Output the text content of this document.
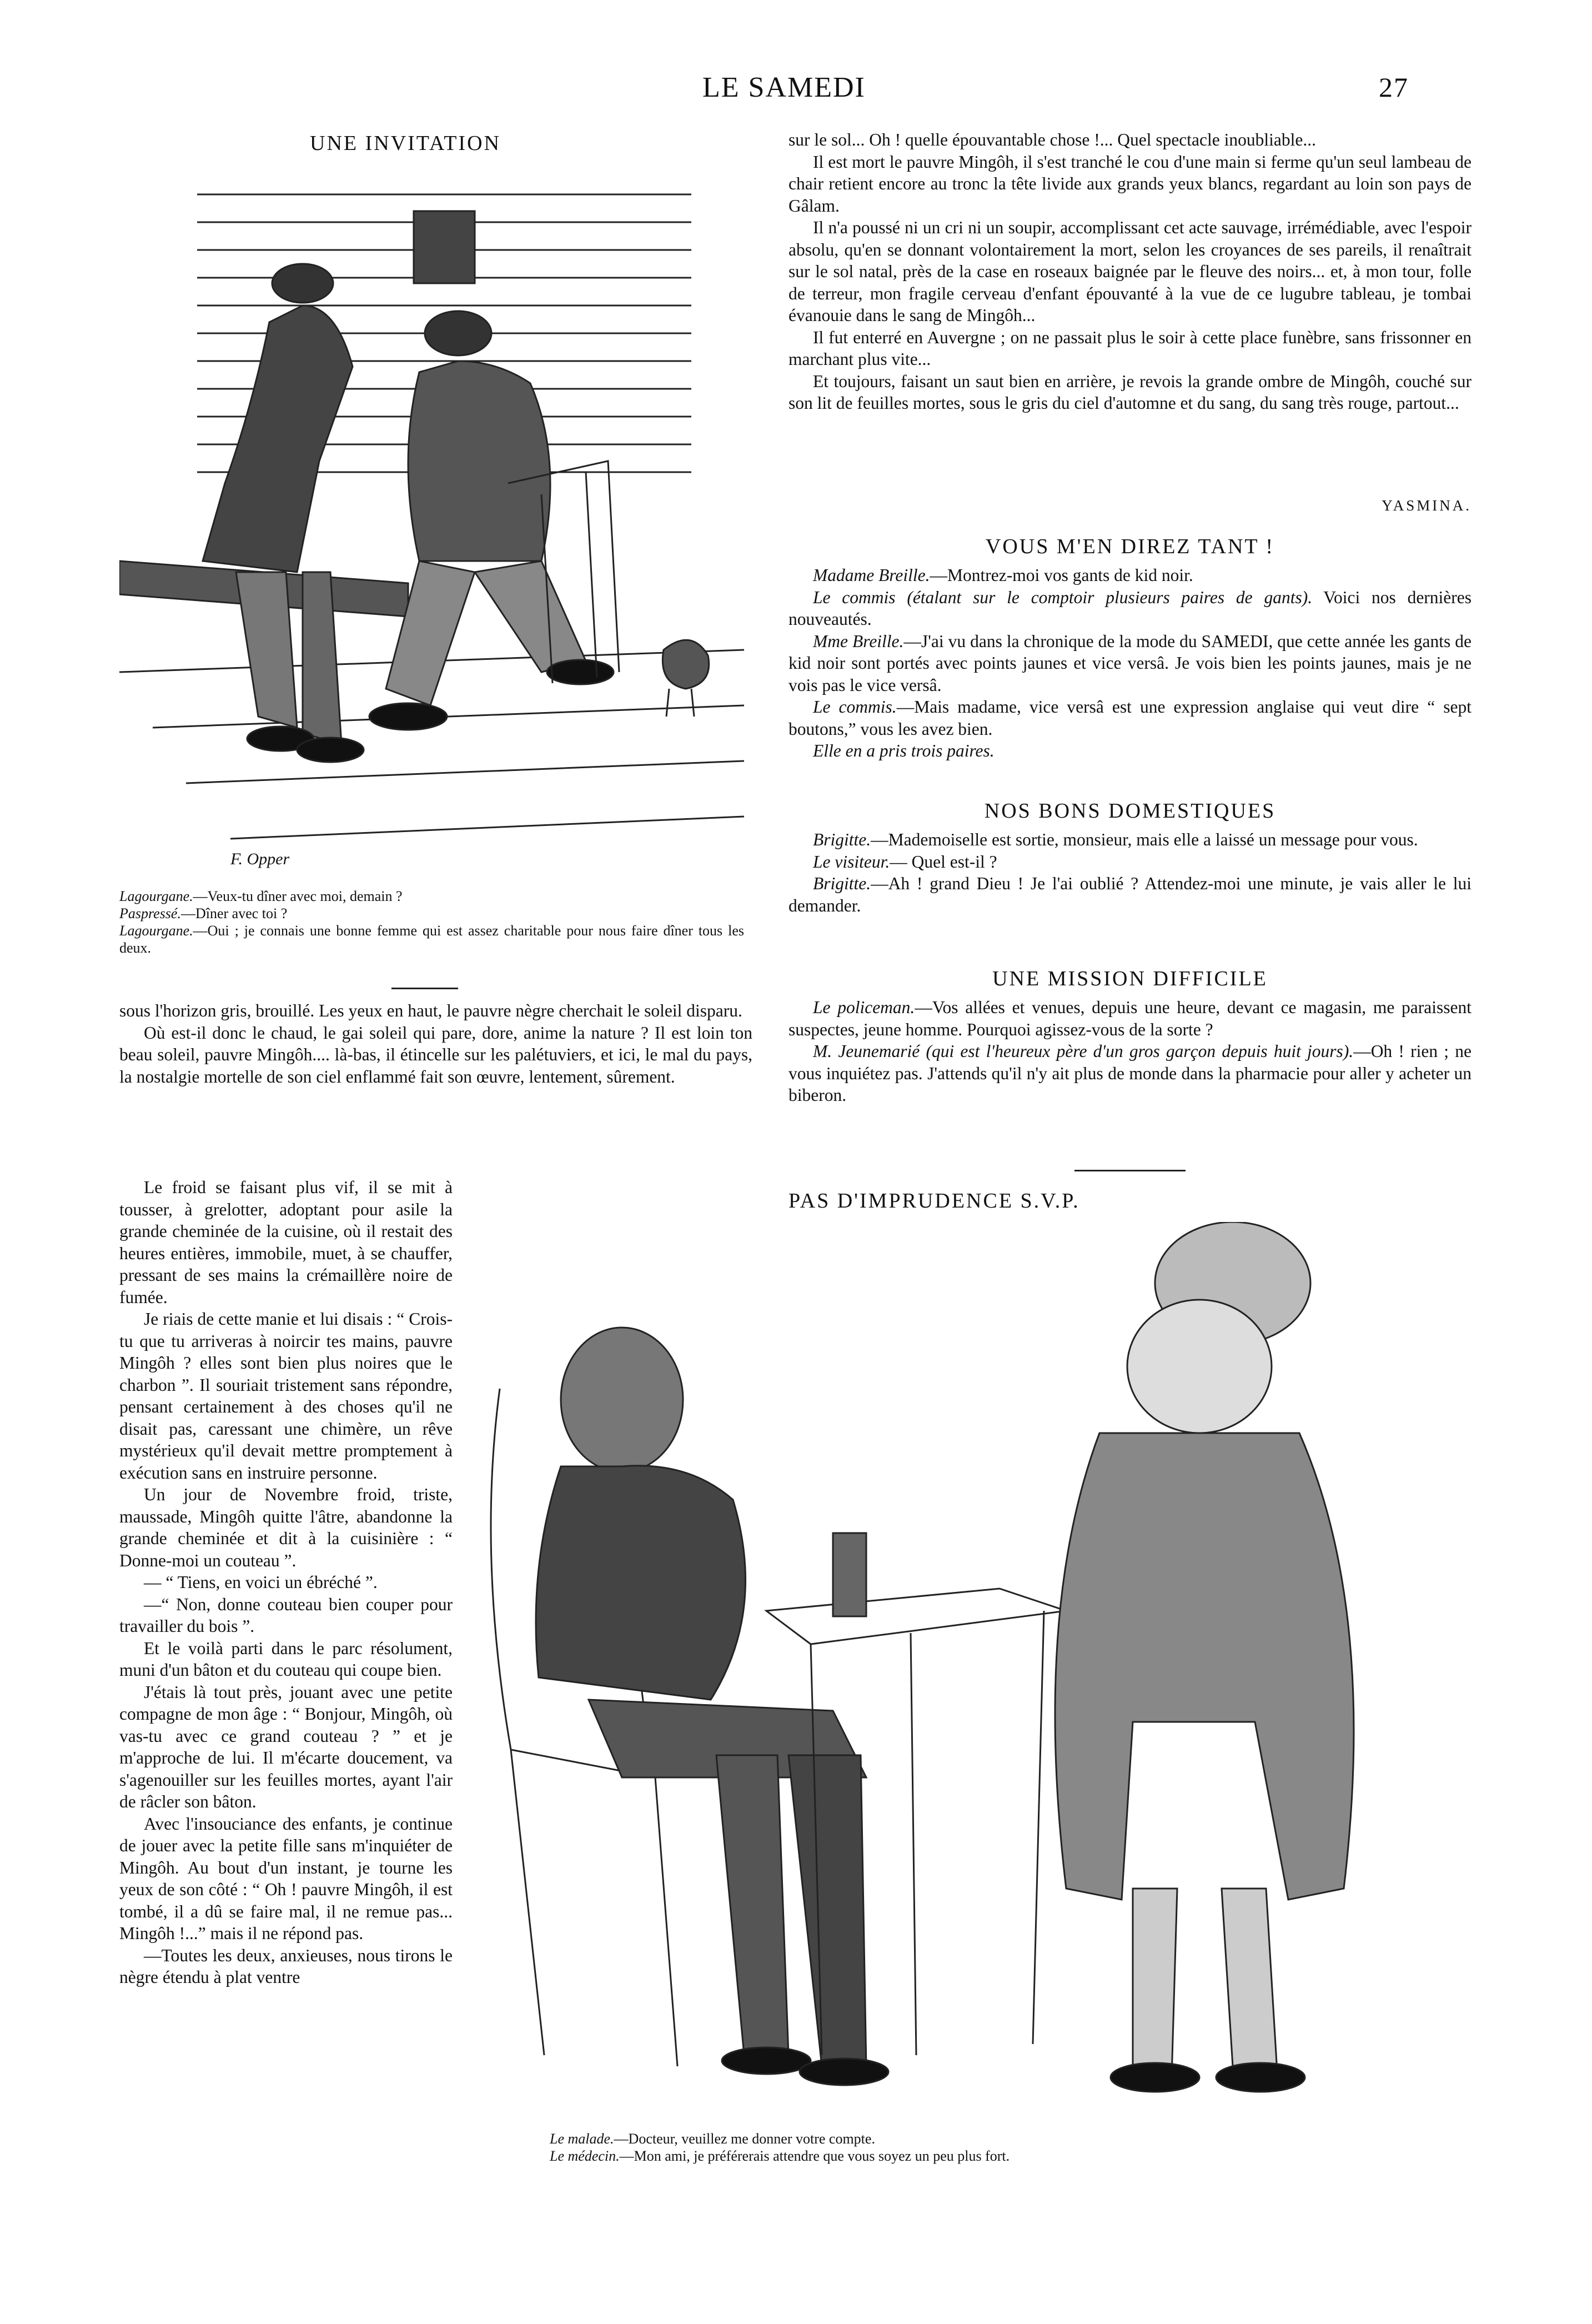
LE SAMEDI	27
UNE INVITATION
F. Opper

Lagourgane.—Veux-tu dîner avec moi, demain ?

Paspressé.—Dîner avec toi ?

Lagourgane.—Oui ; je connais une bonne femme qui est assez charitable pour nous faire dîner tous les deux.

sous l'horizon gris, brouillé. Les yeux en haut, le pauvre nègre cherchait le soleil disparu.

Où est-il donc le chaud, le gai soleil qui pare, dore, anime la nature ? Il est loin ton beau soleil, pauvre Mingôh.... là-bas, il étincelle sur les palétuviers, et ici, le mal du pays, la nostalgie mortelle de son ciel enflammé fait son œuvre, lentement, sûrement.

Le froid se faisant plus vif, il se mit à tousser, à grelotter, adoptant pour asile la grande cheminée de la cuisine, où il restait des heures entières, immobile, muet, à se chauffer, pressant de ses mains la crémaillère noire de fumée.

Je riais de cette manie et lui disais : “ Crois-tu que tu arriveras à noircir tes mains, pauvre Mingôh ? elles sont bien plus noires que le charbon ”. Il souriait tristement sans répondre, pensant certainement à des choses qu'il ne disait pas, caressant une chimère, un rêve mystérieux qu'il devait mettre promptement à exécution sans en instruire personne.

Un jour de Novembre froid, triste, maussade, Mingôh quitte l'âtre, abandonne la grande cheminée et dit à la cuisinière : “ Donne-moi un couteau ”.

— “ Tiens, en voici un ébréché ”.

—“ Non, donne couteau bien couper pour travailler du bois ”.

Et le voilà parti dans le parc résolument, muni d'un bâton et du couteau qui coupe bien.

J'étais là tout près, jouant avec une petite compagne de mon âge : “ Bonjour, Mingôh, où vas-tu avec ce grand couteau ? ” et je m'approche de lui. Il m'écarte doucement, va s'agenouiller sur les feuilles mortes, ayant l'air de râcler son bâton.

Avec l'insouciance des enfants, je continue de jouer avec la petite fille sans m'inquiéter de Mingôh. Au bout d'un instant, je tourne les yeux de son côté : “ Oh ! pauvre Mingôh, il est tombé, il a dû se faire mal, il ne remue pas... Mingôh !...” mais il ne répond pas.

—Toutes les deux, anxieuses, nous tirons le nègre étendu à plat ventre

sur le sol... Oh ! quelle épouvantable chose !... Quel spectacle inoubliable...

Il est mort le pauvre Mingôh, il s'est tranché le cou d'une main si ferme qu'un seul lambeau de chair retient encore au tronc la tête livide aux grands yeux blancs, regardant au loin son pays de Gâlam.

Il n'a poussé ni un cri ni un soupir, accomplissant cet acte sauvage, irrémédiable, avec l'espoir absolu, qu'en se donnant volontairement la mort, selon les croyances de ses pareils, il renaîtrait sur le sol natal, près de la case en roseaux baignée par le fleuve des noirs... et, à mon tour, folle de terreur, mon fragile cerveau d'enfant épouvanté à la vue de ce lugubre tableau, je tombai évanouie dans le sang de Mingôh...

Il fut enterré en Auvergne ; on ne passait plus le soir à cette place funèbre, sans frissonner en marchant plus vite...

Et toujours, faisant un saut bien en arrière, je revois la grande ombre de Mingôh, couché sur son lit de feuilles mortes, sous le gris du ciel d'automne et du sang, du sang très rouge, partout...

YASMINA.
VOUS M'EN DIREZ TANT !

Madame Breille.—Montrez-moi vos gants de kid noir.

Le commis (étalant sur le comptoir plusieurs paires de gants). Voici nos dernières nouveautés.

Mme Breille.—J'ai vu dans la chronique de la mode du SAMEDI, que cette année les gants de kid noir sont portés avec points jaunes et vice versâ. Je vois bien les points jaunes, mais je ne vois pas le vice versâ.

Le commis.—Mais madame, vice versâ est une expression anglaise qui veut dire “ sept boutons,” vous les avez bien.

Elle en a pris trois paires.

NOS BONS DOMESTIQUES

Brigitte.—Mademoiselle est sortie, monsieur, mais elle a laissé un message pour vous.

Le visiteur.— Quel est-il ?

Brigitte.—Ah ! grand Dieu ! Je l'ai oublié ? Attendez-moi une minute, je vais aller le lui demander.

UNE MISSION DIFFICILE

Le policeman.—Vos allées et venues, depuis une heure, devant ce magasin, me paraissent suspectes, jeune homme. Pourquoi agissez-vous de la sorte ?

M. Jeunemarié (qui est l'heureux père d'un gros garçon depuis huit jours).—Oh ! rien ; ne vous inquiétez pas. J'attends qu'il n'y ait plus de monde dans la pharmacie pour aller y acheter un biberon.

PAS D'IMPRUDENCE S.V.P.

Le malade.—Docteur, veuillez me donner votre compte.

Le médecin.—Mon ami, je préférerais attendre que vous soyez un peu plus fort.
